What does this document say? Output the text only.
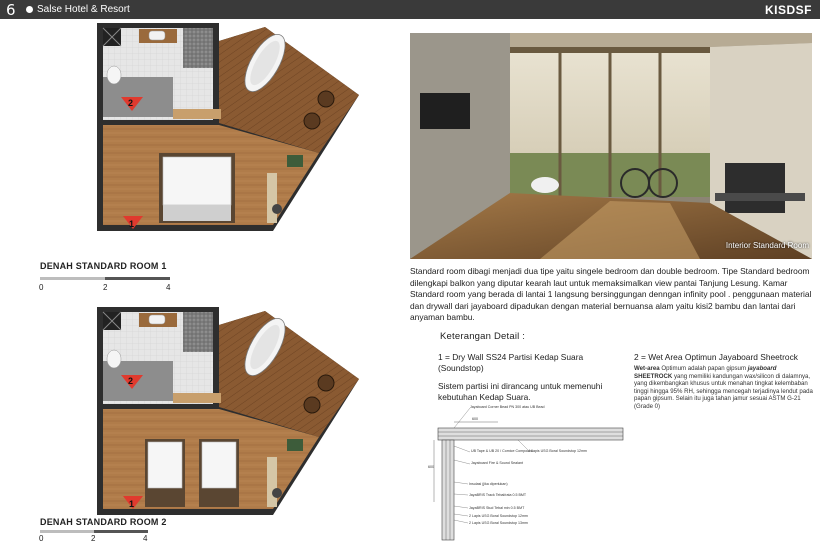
6 Salse Hotel & Resort	KISDSF
2
1
DENAH STANDARD ROOM 1
0	2	4
2
1
DENAH STANDARD ROOM 2
0	2	4
Interior Standard Room

Standard room dibagi menjadi dua tipe yaitu singele bedroom dan double bedroom. Tipe Standard bedroom dilengkapi balkon yang diputar kearah laut untuk memaksimalkan view pantai Tanjung Lesung. Kamar Standard room yang berada di lantai 1 langsung bersinggungan denngan infinity pool . penggunaan material dan drywall dari jayaboard dipadukan dengan material bernuansa alam yaitu kisi2 bambu dan lantai dari anyaman bambu.

Keterangan Detail :

1 = Dry Wall SS24 Partisi Kedap Suara (Soundstop)

Sistem partisi ini dirancang untuk memenuhi kebutuhan Kedap Suara.

2 = Wet Area Optimun Jayaboard Sheetrock

Wet-area Optimum adalah papan gipsum jayaboard SHEETROCK yang memiliki kandungan wax/silicon di dalamnya, yang dikembangkan khusus untuk menahan tingkat kelembaban tinggi hingga 95% RH, sehingga mencegah terjadinya lendut pada papan gipsum. Selain itu juga tahan jamur sesuai ASTM G-21 (Grade 0)

600
600
Jayaboard Corner Bead PN 300 atau UB Bead
UB Tape & UB 20 / Cornice Compound
Jayaboard Fire & Sound Sealant
4 Lapis USG Boral Soundstop 12mm
Insulasi (jika diperlukan)
JayaBRIS Track Tebal/rata 0.5 BMT
JayaBRIS Stud Tebal min 0.5 BMT
2 Lapis USG Boral Soundstop 12mm
2 Lapis USG Boral Soundstop 13mm
